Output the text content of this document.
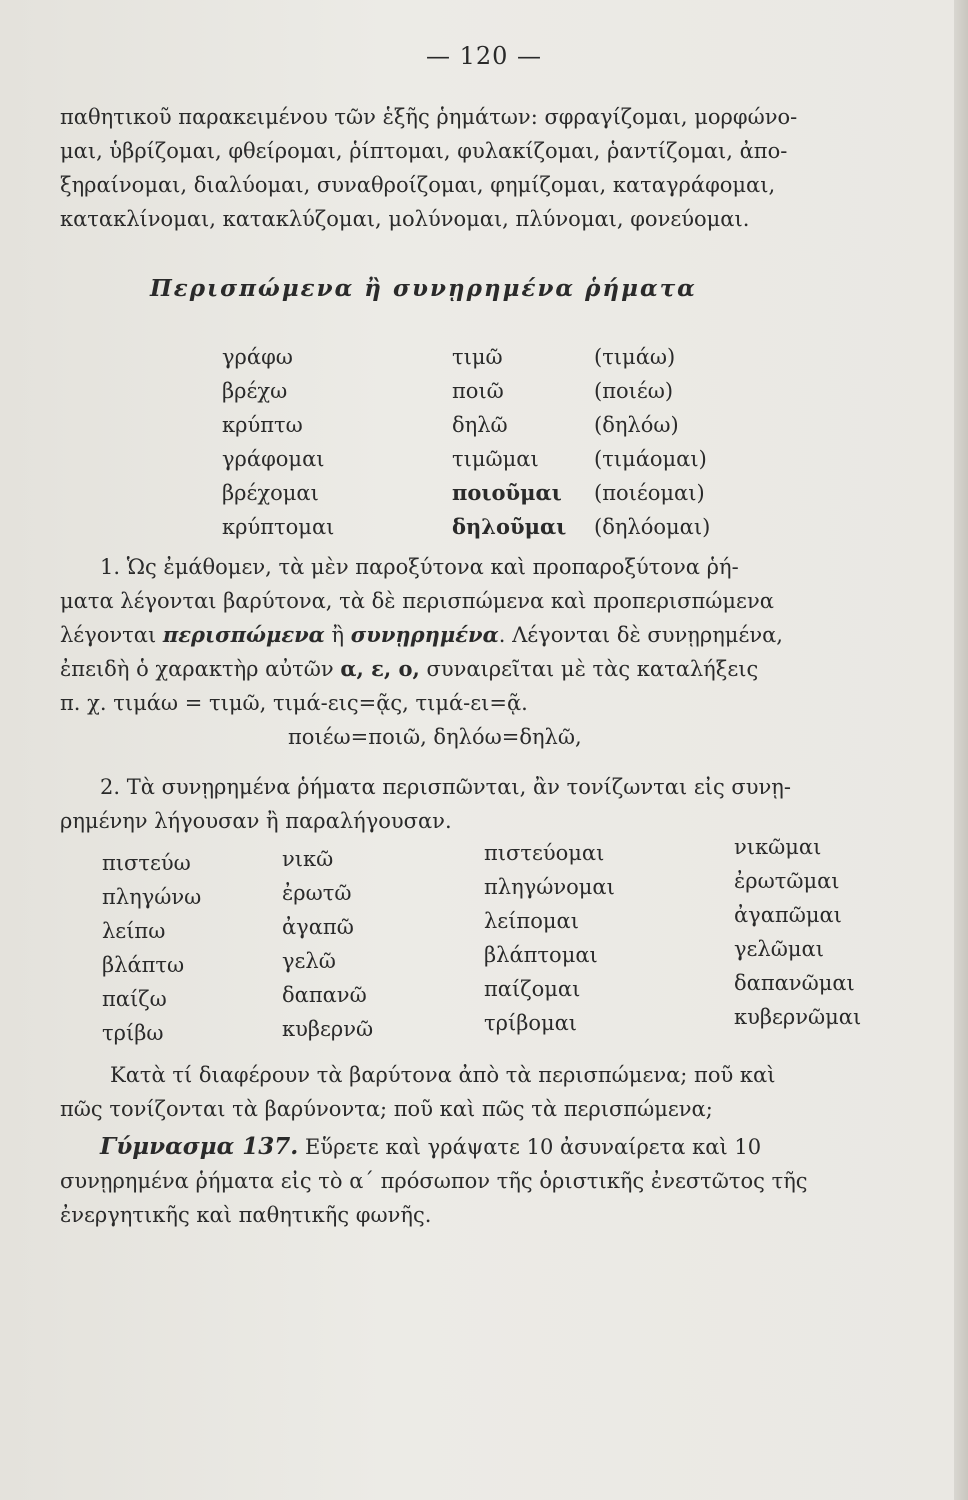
— 120 —
παθητικοῦ παρακειμένου τῶν ἑξῆς ῥημάτων: σφραγίζομαι, μορφώνο-
μαι, ὑβρίζομαι, φθείρομαι, ῥίπτομαι, φυλακίζομαι, ῥαντίζομαι, ἀπο-
ξηραίνομαι, διαλύομαι, συναθροίζομαι, φημίζομαι, καταγράφομαι,
κατακλίνομαι, κατακλύζομαι, μολύνομαι, πλύνομαι, φονεύομαι.
Περισπώμενα ἢ συνῃρημένα ῥήματα
γράφω
βρέχω
κρύπτω
γράφομαι
βρέχομαι
κρύπτομαι
τιμῶ
ποιῶ
δηλῶ
τιμῶμαι
ποιοῦμαι
δηλοῦμαι
(τιμάω)
(ποιέω)
(δηλόω)
(τιμάομαι)
(ποιέομαι)
(δηλόομαι)
1. Ὡς ἐμάθομεν, τὰ μὲν παροξύτονα καὶ προπαροξύτονα ῥή-
ματα λέγονται βαρύτονα, τὰ δὲ περισπώμενα καὶ προπερισπώμενα
λέγονται περισπώμενα ἢ συνῃρημένα. Λέγονται δὲ συνῃρημένα,
ἐπειδὴ ὁ χαρακτὴρ αὐτῶν α, ε, ο, συναιρεῖται μὲ τὰς καταλήξεις
π. χ. τιμάω = τιμῶ, τιμά-εις=ᾷς, τιμά-ει=ᾷ.
ποιέω=ποιῶ, δηλόω=δηλῶ,
2. Τὰ συνῃρημένα ῥήματα περισπῶνται, ἂν τονίζωνται εἰς συνῃ-
ρημένην λήγουσαν ἢ παραλήγουσαν.
πιστεύω
πληγώνω
λείπω
βλάπτω
παίζω
τρίβω
νικῶ
ἐρωτῶ
ἀγαπῶ
γελῶ
δαπανῶ
κυβερνῶ
πιστεύομαι
πληγώνομαι
λείπομαι
βλάπτομαι
παίζομαι
τρίβομαι
νικῶμαι
ἐρωτῶμαι
ἀγαπῶμαι
γελῶμαι
δαπανῶμαι
κυβερνῶμαι
Κατὰ τί διαφέρουν τὰ βαρύτονα ἀπὸ τὰ περισπώμενα; ποῦ καὶ
πῶς τονίζονται τὰ βαρύνοντα; ποῦ καὶ πῶς τὰ περισπώμενα;
Γύμνασμα 137. Εὕρετε καὶ γράψατε 10 ἀσυναίρετα καὶ 10
συνῃρημένα ῥήματα εἰς τὸ α΄ πρόσωπον τῆς ὁριστικῆς ἐνεστῶτος τῆς
ἐνεργητικῆς καὶ παθητικῆς φωνῆς.
